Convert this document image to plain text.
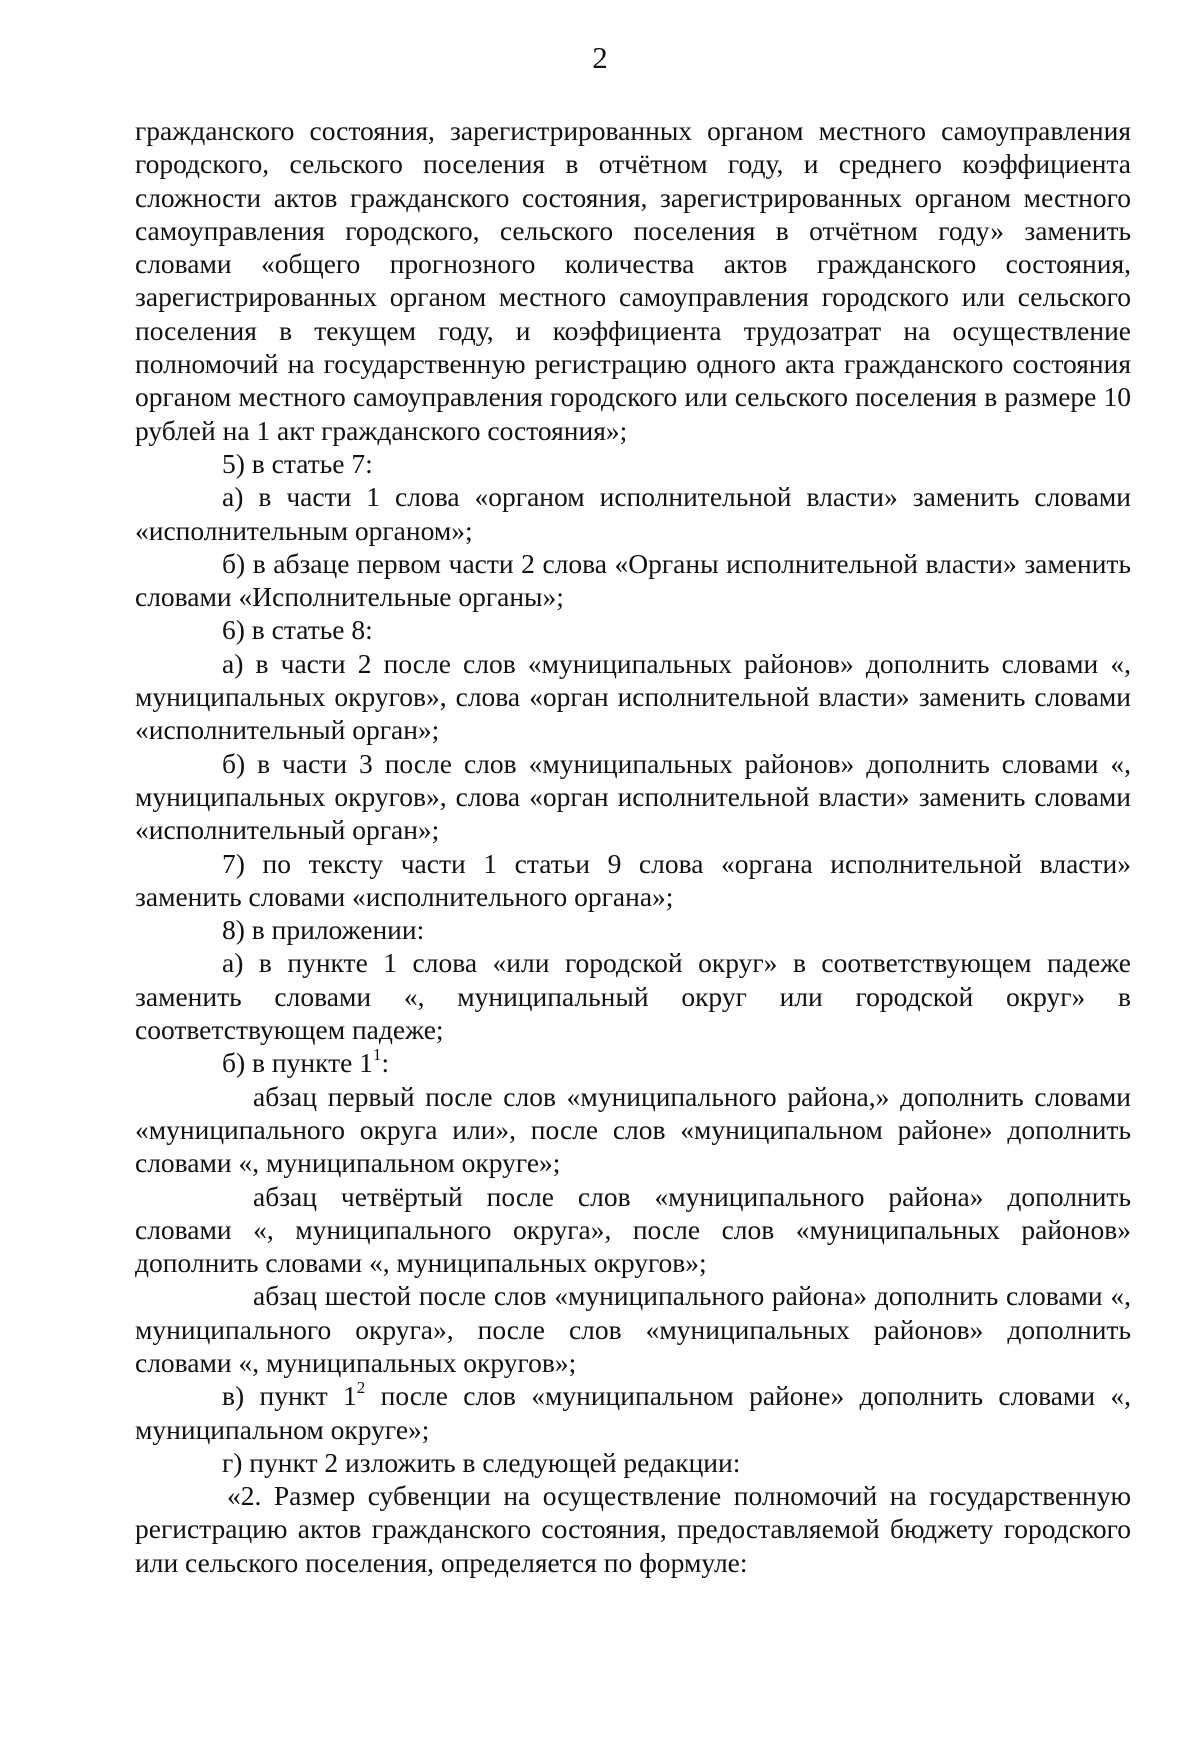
2

гражданского состояния, зарегистрированных органом местного самоуправления городского, сельского поселения в отчётном году, и среднего коэффициента сложности актов гражданского состояния, зарегистрированных органом местного самоуправления городского, сельского поселения в отчётном году» заменить словами «общего прогнозного количества актов гражданского состояния, зарегистрированных органом местного самоуправления городского или сельского поселения в текущем году, и коэффициента трудозатрат на осуществление полномочий на государственную регистрацию одного акта гражданского состояния органом местного самоуправления городского или сельского поселения в размере 10 рублей на 1 акт гражданского состояния»;

5) в статье 7:

а) в части 1 слова «органом исполнительной власти» заменить словами «исполнительным органом»;

б) в абзаце первом части 2 слова «Органы исполнительной власти» заменить словами «Исполнительные органы»;

6) в статье 8:

а) в части 2 после слов «муниципальных районов» дополнить словами «, муниципальных округов», слова «орган исполнительной власти» заменить словами «исполнительный орган»;

б) в части 3 после слов «муниципальных районов» дополнить словами «, муниципальных округов», слова «орган исполнительной власти» заменить словами «исполнительный орган»;

7) по тексту части 1 статьи 9 слова «органа исполнительной власти» заменить словами «исполнительного органа»;

8) в приложении:

а) в пункте 1 слова «или городской округ» в соответствующем падеже заменить словами «, муниципальный округ или городской округ» в соответствующем падеже;

б) в пункте $1^1$:

абзац первый после слов «муниципального района,» дополнить словами «муниципального округа или», после слов «муниципальном районе» дополнить словами «, муниципальном округе»;

абзац четвёртый после слов «муниципального района» дополнить словами «, муниципального округа», после слов «муниципальных районов» дополнить словами «, муниципальных округов»;

абзац шестой после слов «муниципального района» дополнить словами «, муниципального округа», после слов «муниципальных районов» дополнить словами «, муниципальных округов»;

в) пункт $1^2$ после слов «муниципальном районе» дополнить словами «, муниципальном округе»;

г) пункт 2 изложить в следующей редакции:

«2. Размер субвенции на осуществление полномочий на государственную регистрацию актов гражданского состояния, предоставляемой бюджету городского или сельского поселения, определяется по формуле:
